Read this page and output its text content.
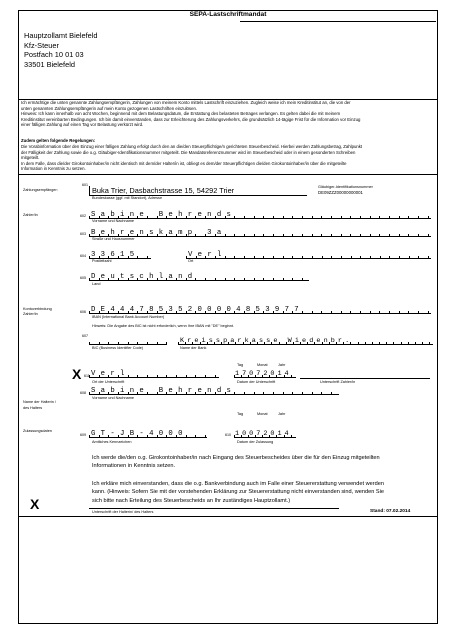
SEPA-Lastschriftmandat
Hauptzollamt Bielefeld
Kfz-Steuer
Postfach 10 01 03
33501 Bielefeld
Ich ermächtige die unten genannte Zahlungsempfängerin, Zahlungen von meinem Konto mittels Lastschrift einzuziehen. Zugleich weise ich mein Kreditinstitut an, die von der
unten genannten Zahlungsempfängerin auf mein Konto gezogenen Lastschriften einzulösen.
Hinweis: Ich kann innerhalb von acht Wochen, beginnend mit dem Belastungsdatum, die Erstattung des belasteten Betrages verlangen. Es gelten dabei die mit meinem
Kreditinstitut vereinbarten Bedingungen. Ich bin damit einverstanden, dass zur Erleichterung des Zahlungsverkehrs, die grundsätzlich 14-tägige Frist für die Information vor Einzug
einer fälligen Zahlung auf einen Tag vor Belastung verkürzt wird.
Zudem gelten folgende Regelungen:
Die Vorabinformation über den Einzug einer fälligen Zahlung erfolgt durch den an die/den Steuerpflichtige/n gerichteten Steuerbescheid. Hierbei werden Zahlungsbetrag, Zahlpunkt
der Fälligkeit der Zahlung sowie die o.g. Gläubiger-Identifikationsnummer mitgeteilt. Die Mandatsreferenznummer wird im Steuerbescheid oder in einem gesonderten Schreiben
mitgeteilt.
In dem Falle, dass die/der Girokontoinhaber/in nicht identisch mit dem/der Halter/in ist, obliegt es dem/der Steuerpflichtigen die/den Girokontoinhaber/in über die mitgeteilte
Information in Kenntnis zu setzen.
Zahlungsempfänger:
601
Buka Trier, Dasbachstrasse 15, 54292 Trier
Bundeskasse (ggf. mit Standort), Adresse
Gläubiger-Identifikationsnummer
DE09ZZZ00000000001
Zahler/in	602 Sabine Behrends
Vorname und Nachname
603 Behrenskamp 3a
Straße und Hausnummer
604 33615
Postleitzahl
Verl
Ort
605 Deutschland
Land
Kontoverbindung
Zahler/in	606 DE44478535200004853977
IBAN (International Bank Account Number)
Hinweis: Die Angabe des BIC ist nicht erforderlich, wenn Ihre IBAN mit "DE" beginnt.
607
BIC (Business Identifier Code)
Kreissparkasse Wiedenbr.
Name der Bank
Tag	Monat	Jahr
X 611 Verl
Ort der Unterschrift
17072014
Datum der Unterschrift	Unterschrift Zahler/in
Name der Halterin /
des Halters
608 Sabine Behrends
Vorname und Nachname
Tag	Monat	Jahr
Zulassungsdaten
609 GT-JB-4000
Amtliches Kennzeichen
610 10072014
Datum der Zulassung
Ich werde die/den o.g. Girokontoinhaber/in nach Eingang des Steuerbescheides über die für den Einzug mitgeteilten
Informationen in Kenntnis setzen.
Ich erkläre mich einverstanden, dass die o.g. Bankverbindung auch im Falle einer Steuererstattung verwendet werden
kann. (Hinweis: Sofern Sie mit der vorstehenden Erklärung zur Steuererstattung nicht einverstanden sind, wenden Sie
sich bitte nach Erteilung des Steuerbescheids an Ihr zuständiges Hauptzollamt.)
X	Unterschrift der Halterin/ des Halters	Stand: 07.02.2014
